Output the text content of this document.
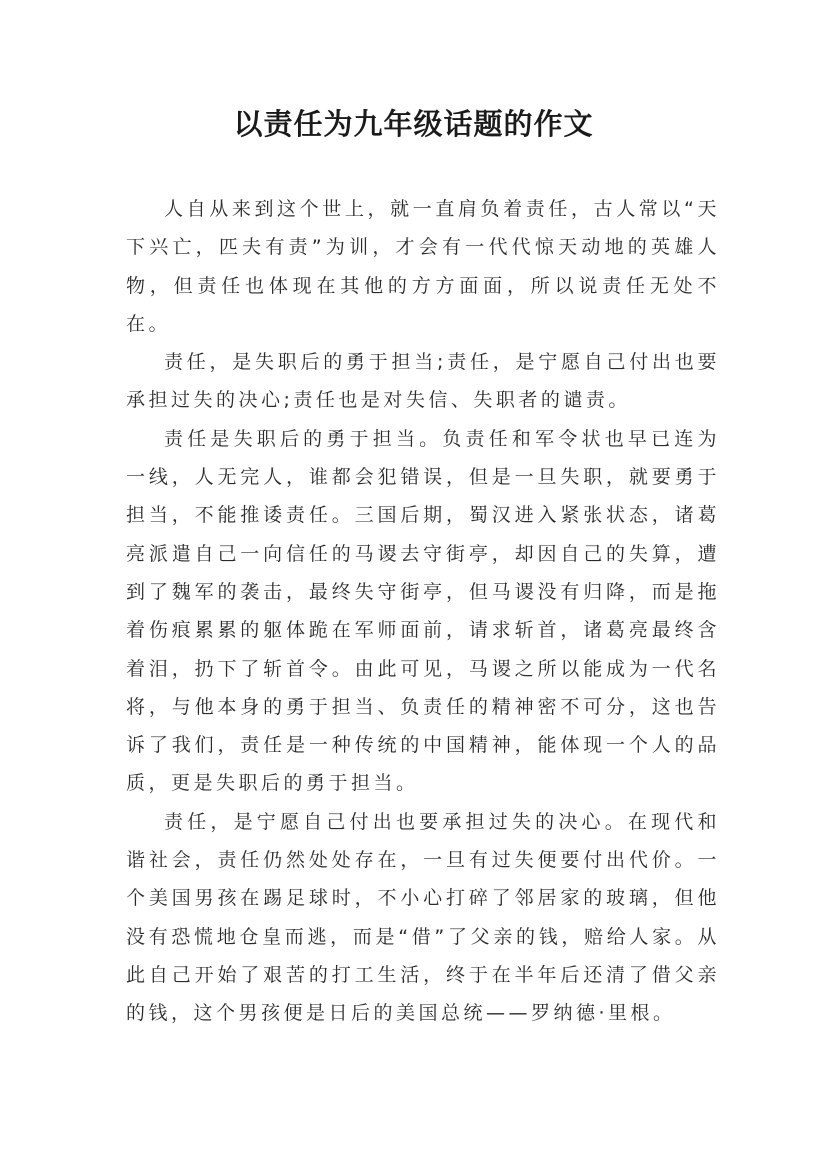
以责任为九年级话题的作文

人自从来到这个世上，就一直肩负着责任，古人常以“天下兴亡，匹夫有责”为训，才会有一代代惊天动地的英雄人物，但责任也体现在其他的方方面面，所以说责任无处不在。

责任，是失职后的勇于担当;责任，是宁愿自己付出也要承担过失的决心;责任也是对失信、失职者的谴责。

责任是失职后的勇于担当。负责任和军令状也早已连为一线，人无完人，谁都会犯错误，但是一旦失职，就要勇于担当，不能推诿责任。三国后期，蜀汉进入紧张状态，诸葛亮派遣自己一向信任的马谡去守街亭，却因自己的失算，遭到了魏军的袭击，最终失守街亭，但马谡没有归降，而是拖着伤痕累累的躯体跪在军师面前，请求斩首，诸葛亮最终含着泪，扔下了斩首令。由此可见，马谡之所以能成为一代名将，与他本身的勇于担当、负责任的精神密不可分，这也告诉了我们，责任是一种传统的中国精神，能体现一个人的品质，更是失职后的勇于担当。

责任，是宁愿自己付出也要承担过失的决心。在现代和谐社会，责任仍然处处存在，一旦有过失便要付出代价。一个美国男孩在踢足球时，不小心打碎了邻居家的玻璃，但他没有恐慌地仓皇而逃，而是“借”了父亲的钱，赔给人家。从此自己开始了艰苦的打工生活，终于在半年后还清了借父亲的钱，这个男孩便是日后的美国总统——罗纳德·里根。
